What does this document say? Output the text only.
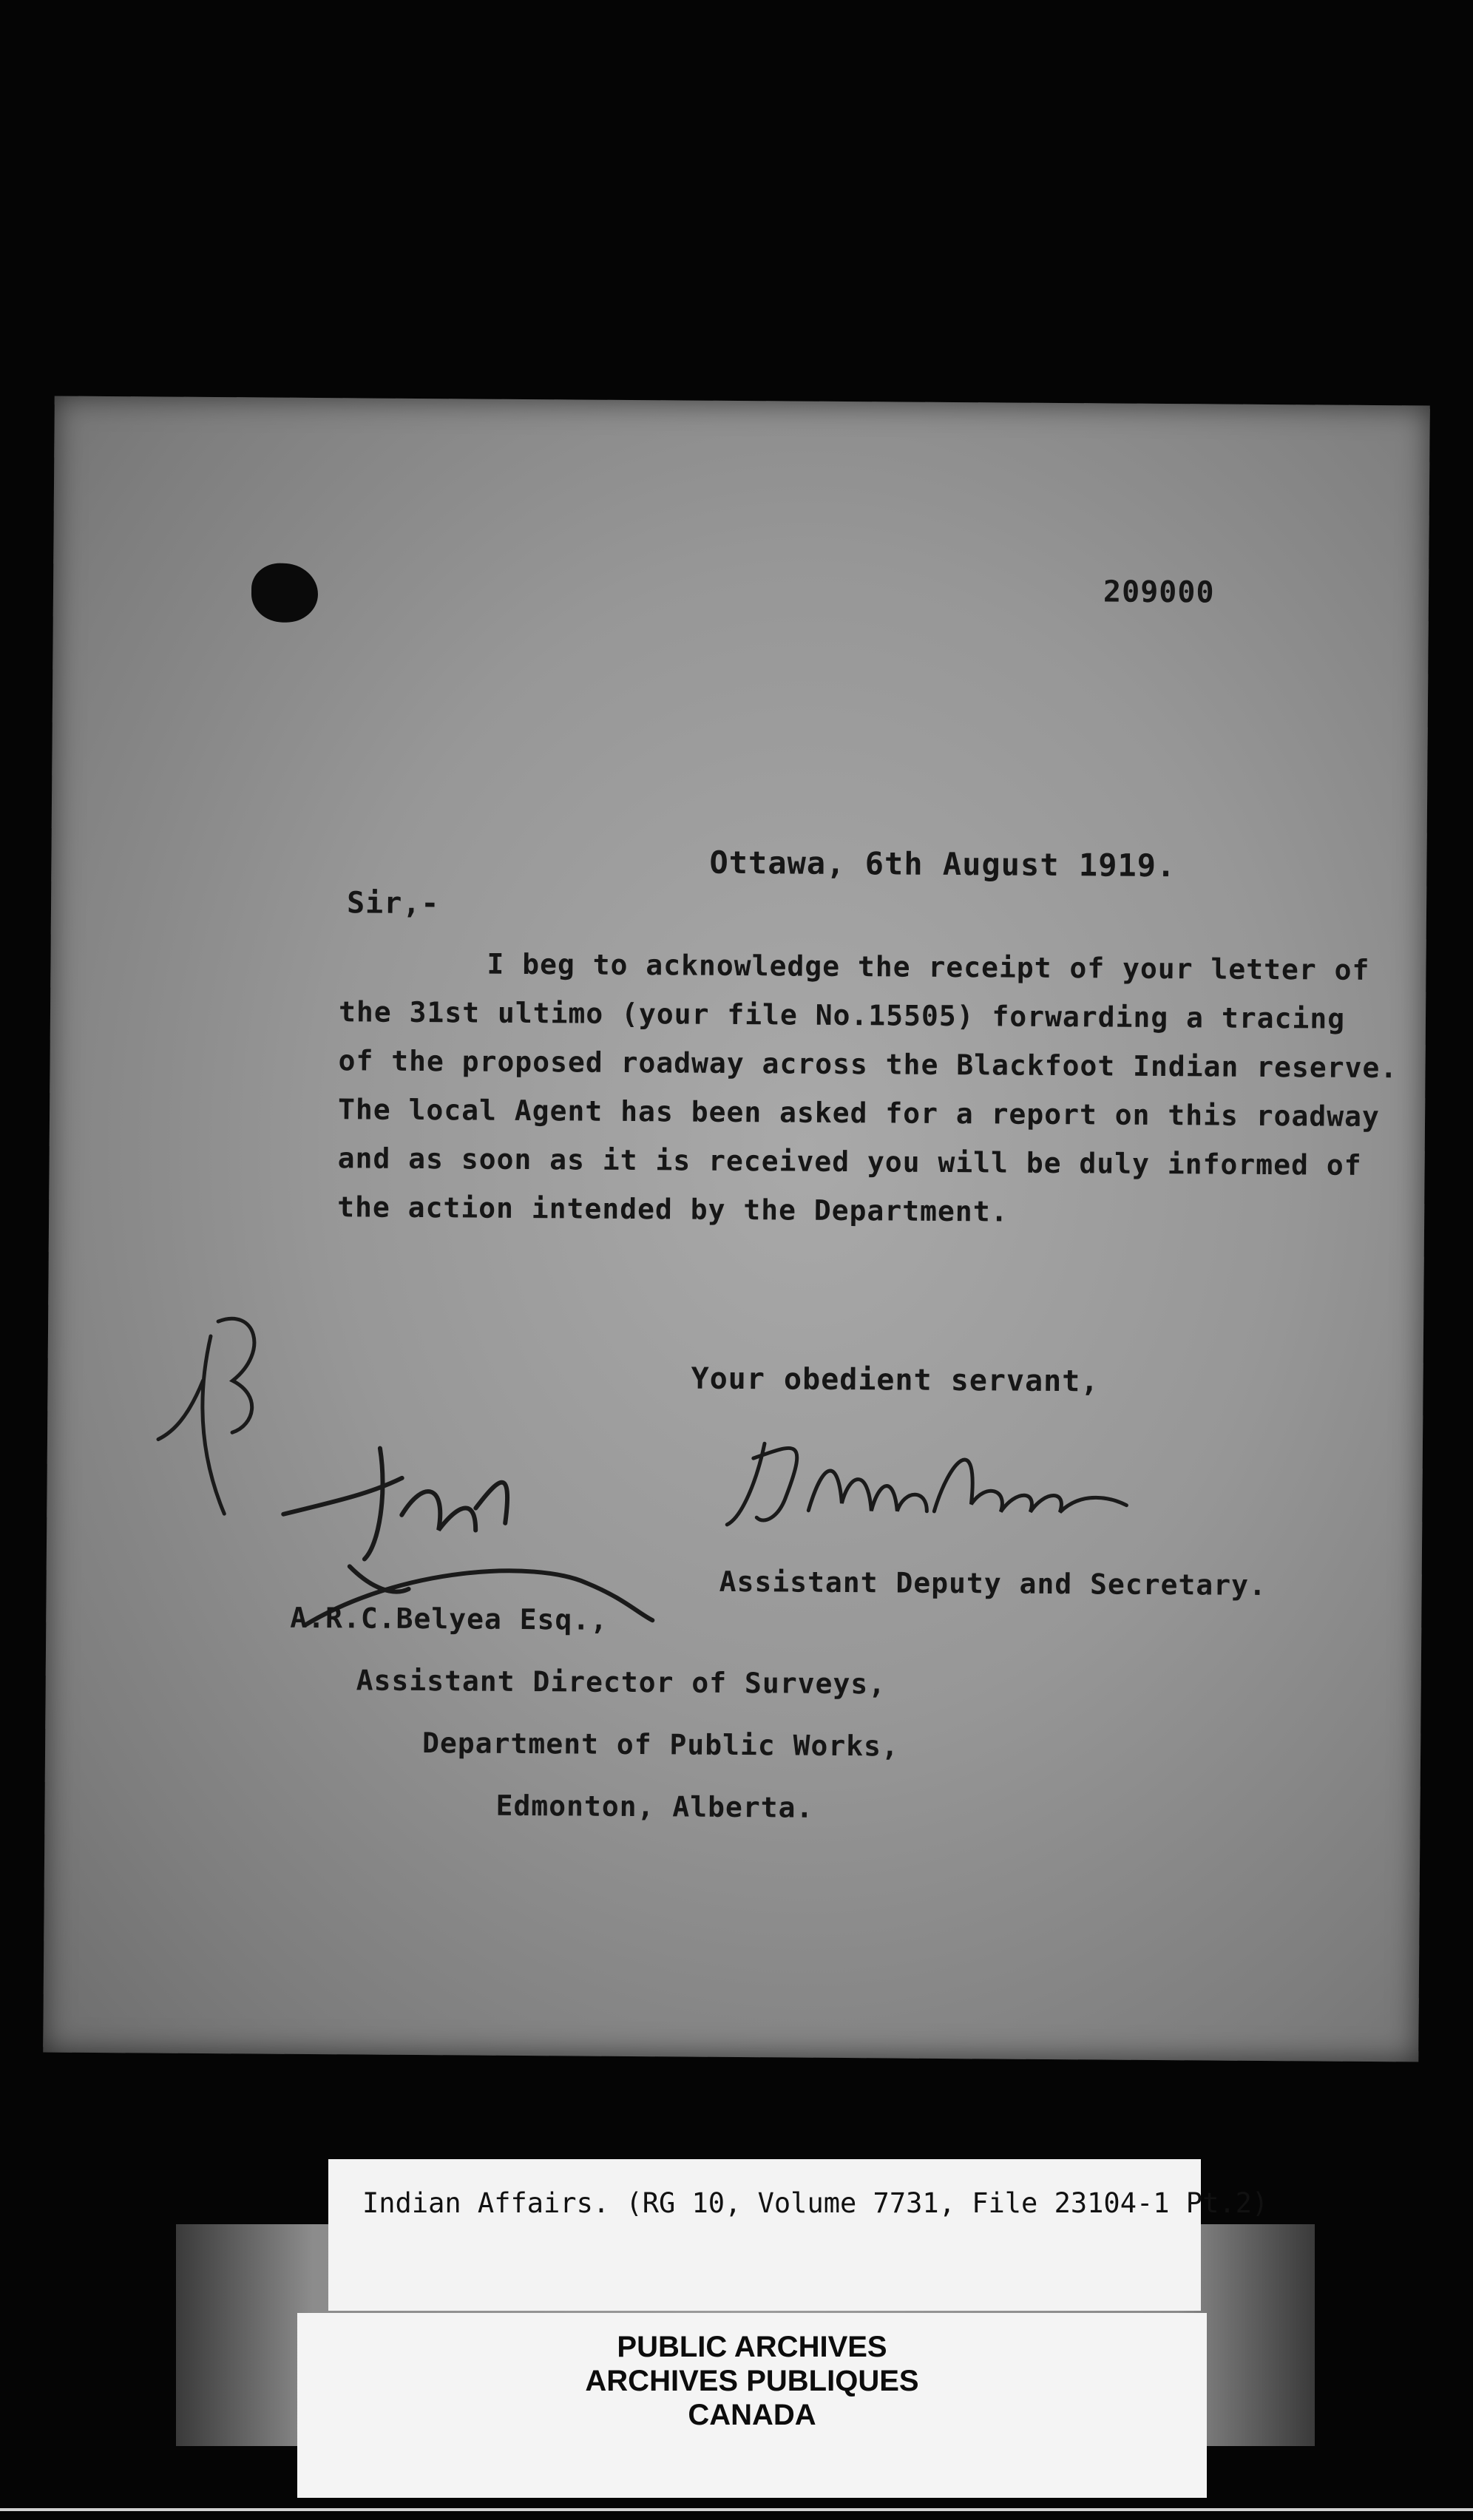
209000
Ottawa, 6th August 1919.
Sir,-
I beg to acknowledge the receipt of your letter of
the 31st ultimo (your file No.15505) forwarding a tracing
of the proposed roadway across the Blackfoot Indian reserve.
The local Agent has been asked for a report on this roadway
and as soon as it is received you will be duly informed of
the action intended by the Department.
Your obedient servant,
Assistant Deputy and Secretary.
A.R.C.Belyea Esq.,
Assistant Director of Surveys,
Department of Public Works,
Edmonton, Alberta.
Indian Affairs. (RG 10, Volume 7731, File 23104-1 Pt.2)
PUBLIC ARCHIVES
ARCHIVES PUBLIQUES
CANADA
